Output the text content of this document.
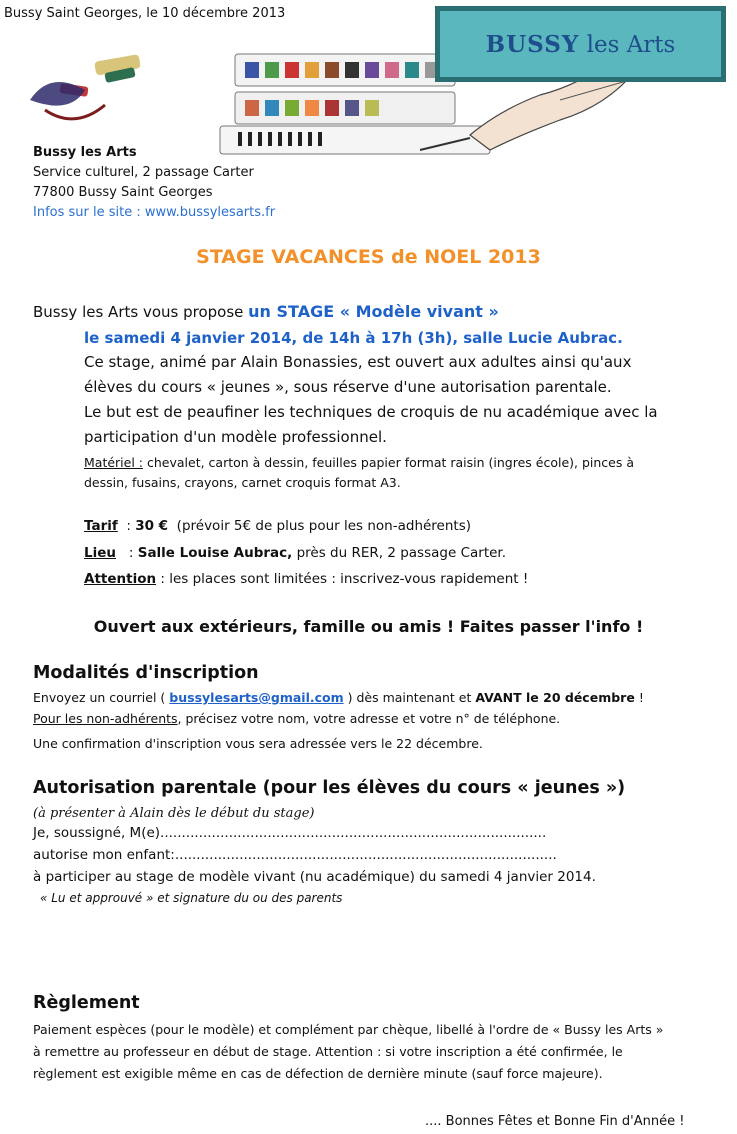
Bussy Saint Georges, le 10 décembre 2013
BUSSY les Arts
Bussy les Arts
Service culturel, 2 passage Carter
77800 Bussy Saint Georges
Infos sur le site : www.bussylesarts.fr
STAGE VACANCES de NOEL 2013
Bussy les Arts vous propose un STAGE « Modèle vivant »
le samedi 4 janvier 2014, de 14h à 17h (3h), salle Lucie Aubrac.
Ce stage, animé par Alain Bonassies, est ouvert aux adultes ainsi qu'aux
élèves du cours « jeunes », sous réserve d'une autorisation parentale.
Le but est de peaufiner les techniques de croquis de nu académique avec la
participation d'un modèle professionnel.
Matériel : chevalet, carton à dessin, feuilles papier format raisin (ingres école), pinces à
dessin, fusains, crayons, carnet croquis format A3.
Tarif  : 30 € (prévoir 5€ de plus pour les non-adhérents)
Lieu   : Salle Louise Aubrac, près du RER, 2 passage Carter.
Attention : les places sont limitées : inscrivez-vous rapidement !
Ouvert aux extérieurs, famille ou amis ! Faites passer l'info !
Modalités d'inscription
Envoyez un courriel ( bussylesarts@gmail.com ) dès maintenant et AVANT le 20 décembre !
Pour les non-adhérents, précisez votre nom, votre adresse et votre n° de téléphone.
Une confirmation d'inscription vous sera adressée vers le 22 décembre.
Autorisation parentale (pour les élèves du cours « jeunes »)
(à présenter à Alain dès le début du stage)
Je, soussigné, M(e)..........................................................................................
autorise mon enfant:.........................................................................................
à participer au stage de modèle vivant (nu académique) du samedi 4 janvier 2014.
« Lu et approuvé » et signature du ou des parents
Règlement
Paiement espèces (pour le modèle) et complément par chèque, libellé à l'ordre de « Bussy les Arts »
à remettre au professeur en début de stage. Attention : si votre inscription a été confirmée, le
règlement est exigible même en cas de défection de dernière minute (sauf force majeure).
.... Bonnes Fêtes et Bonne Fin d'Année !
